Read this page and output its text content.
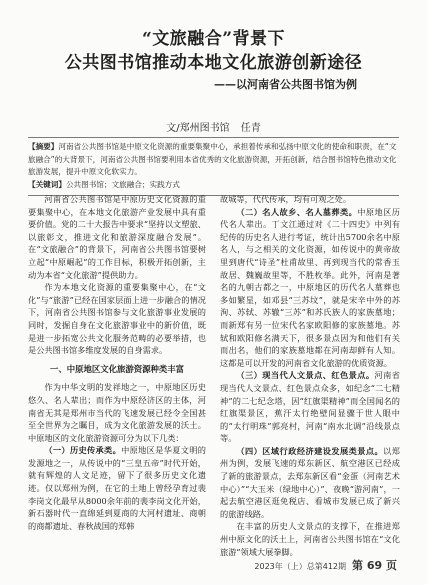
“文旅融合”背景下
公共图书馆推动本地文化旅游创新途径
——以河南省公共图书馆为例
文/郑州图书馆 任青

【摘要】河南省公共图书馆是中原文化资源的重要集聚中心，承担着传承和弘扬中原文化的使命和职责，在“文旅融合”的大背景下，河南省公共图书馆要利用本省优秀的文化旅游资源，开拓创新，结合图书馆特色推动文化旅游发展，提升中原文化软实力。

【关键词】公共图书馆；文旅融合；实践方式

河南省公共图书馆是中原历史文化资源的重要集聚中心，在本地文化旅游产业发展中具有重要价值。党的二十大报告中要求“坚持以文塑旅、以旅彰文，推进文化和旅游深度融合发展”。在“文旅融合”的背景下，河南省公共图书馆要树立起“中原崛起”的工作目标，积极开拓创新，主动为本省“文化旅游”提供助力。

作为本地文化资源的重要集聚中心，在“文化”与“旅游”已经在国家层面上进一步融合的情况下，河南省公共图书馆参与文化旅游事业发展的同时，发掘自身在文化旅游事业中的新价值，既是进一步拓宽公共文化服务范畴的必要举措，也是公共图书馆多维度发展的自身需求。

一、中原地区文化旅游资源种类丰富

作为中华文明的发祥地之一，中原地区历史悠久、名人辈出；而作为中原经济区的主体，河南省无其是郑州市当代的飞速发展已经令全国甚至全世界为之瞩目，成为文化旅游发展的沃土。中原地区的文化旅游资源可分为以下几类：

（一）历史传承类。中原地区是华夏文明的发源地之一，从传说中的“三皇五帝”时代开始，就有辉煌的人文足迹，留下了很多历史文化遗迹。仅以郑州为例，在它的土地上曾经孕育过裴李岗文化最早从8000余年前的裴李岗文化开始，新石器时代一直绵延到夏商的大河村遗址、商朝的商都遗址、春秋战国的郑韩

故城等，代代传承，均有可观之处。

（二）名人故乡、名人墓葬类。中原地区历代名人辈出。丁文江通过对《二十四史》中列有纪传的历史名人进行考证，统计出5700余名中原名人，与之相关的文化资源，如传说中的黄帝故里到唐代“诗圣”杜甫故里、再到现当代的常香玉故居、魏巍故里等，不胜枚举。此外，河南是著名的九朝古都之一，中原地区的历代名人墓葬也多如繁星，如邓县“三苏坟”，就是宋辛中外的苏洵、苏轼、苏辙“三苏”和苏氏族人的家族墓地；而新郑有另一位宋代名家欧阳修的家族墓地。苏轼和欧阳修名满天下，很多景点因为和他们有关而出名，他们的家族墓地都在河南却鲜有人知。这都是可以开发的河南省文化旅游的优质资源。

（三）现当代人文景点、红色景点。河南省现当代人文景点、红色景点众多，如纪念“二七精神”的二七纪念塔，因“红旗渠精神”而全国闻名的红旗渠景区，蕉汗太行绝壁间显骤于世人眼中的“太行明珠”郭亮村，河南“南水北调”沿线景点等。

（四）区域行政经济建设发展类景点。以郑州为例，发展飞速的郑东新区、航空港区已经成了新的旅游景点，去郑东新区看“金蛋（河南艺术中心）”“大玉米（绿地中心）”、夜晚“游河南”，一起去航空港区逛免税店、看城市发展已成了新兴的旅游线路。

在丰富的历史人文景点的支撑下，在推进郑州中原文化的沃土上，河南省公共图书馆在“文化旅游”领域大展拳脚。

2023年（上）总第412期 第 69 页
